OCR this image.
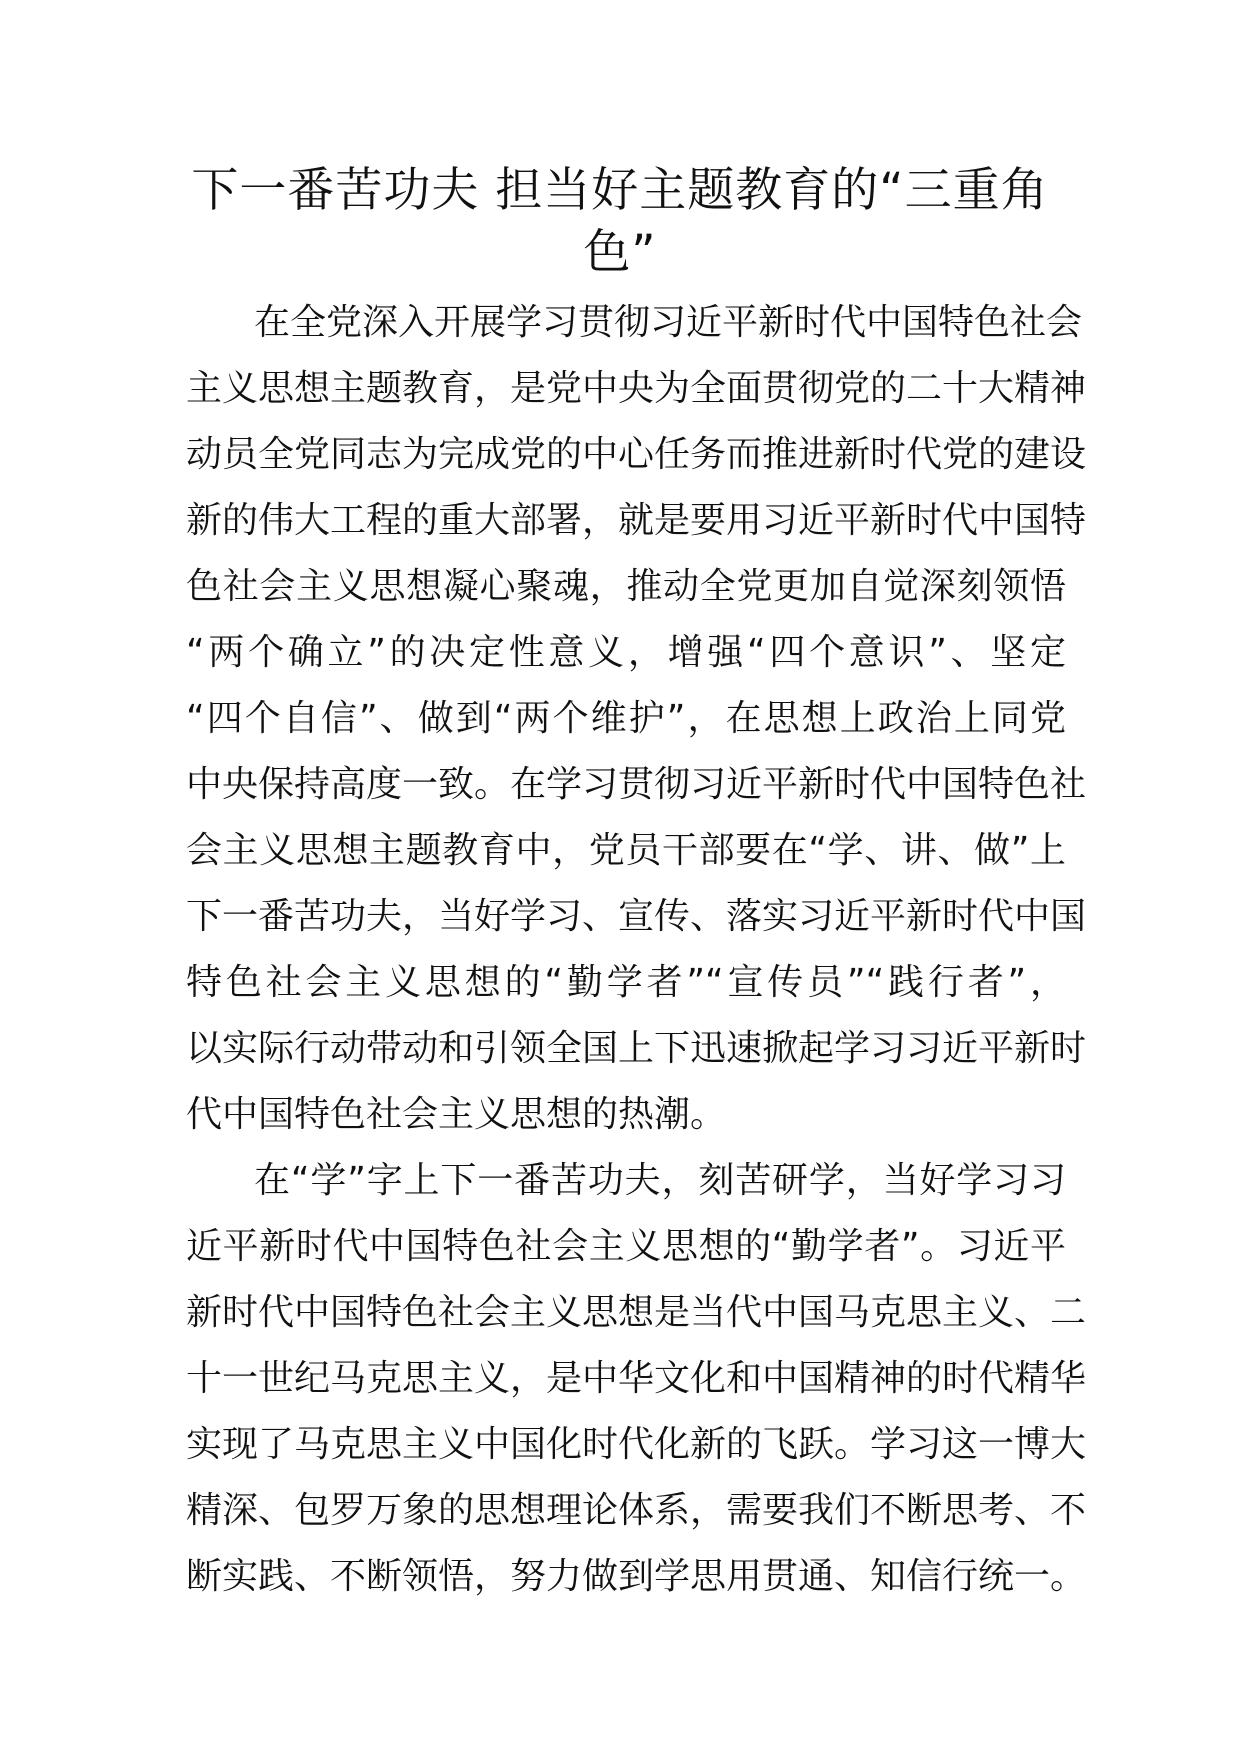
下一番苦功夫 担当好主题教育的“三重角
色”
在全党深入开展学习贯彻习近平新时代中国特色社会
主义思想主题教育，是党中央为全面贯彻党的二十大精神
动员全党同志为完成党的中心任务而推进新时代党的建设
新的伟大工程的重大部署，就是要用习近平新时代中国特
色社会主义思想凝心聚魂，推动全党更加自觉深刻领悟
“两个确立”的决定性意义，增强“四个意识”、坚定
“四个自信”、做到“两个维护”，在思想上政治上同党
中央保持高度一致。在学习贯彻习近平新时代中国特色社
会主义思想主题教育中，党员干部要在“学、讲、做”上
下一番苦功夫，当好学习、宣传、落实习近平新时代中国
特色社会主义思想的“勤学者”“宣传员”“践行者”，
以实际行动带动和引领全国上下迅速掀起学习习近平新时
代中国特色社会主义思想的热潮。
在“学”字上下一番苦功夫，刻苦研学，当好学习习
近平新时代中国特色社会主义思想的“勤学者”。习近平
新时代中国特色社会主义思想是当代中国马克思主义、二
十一世纪马克思主义，是中华文化和中国精神的时代精华
实现了马克思主义中国化时代化新的飞跃。学习这一博大
精深、包罗万象的思想理论体系，需要我们不断思考、不
断实践、不断领悟，努力做到学思用贯通、知信行统一。
